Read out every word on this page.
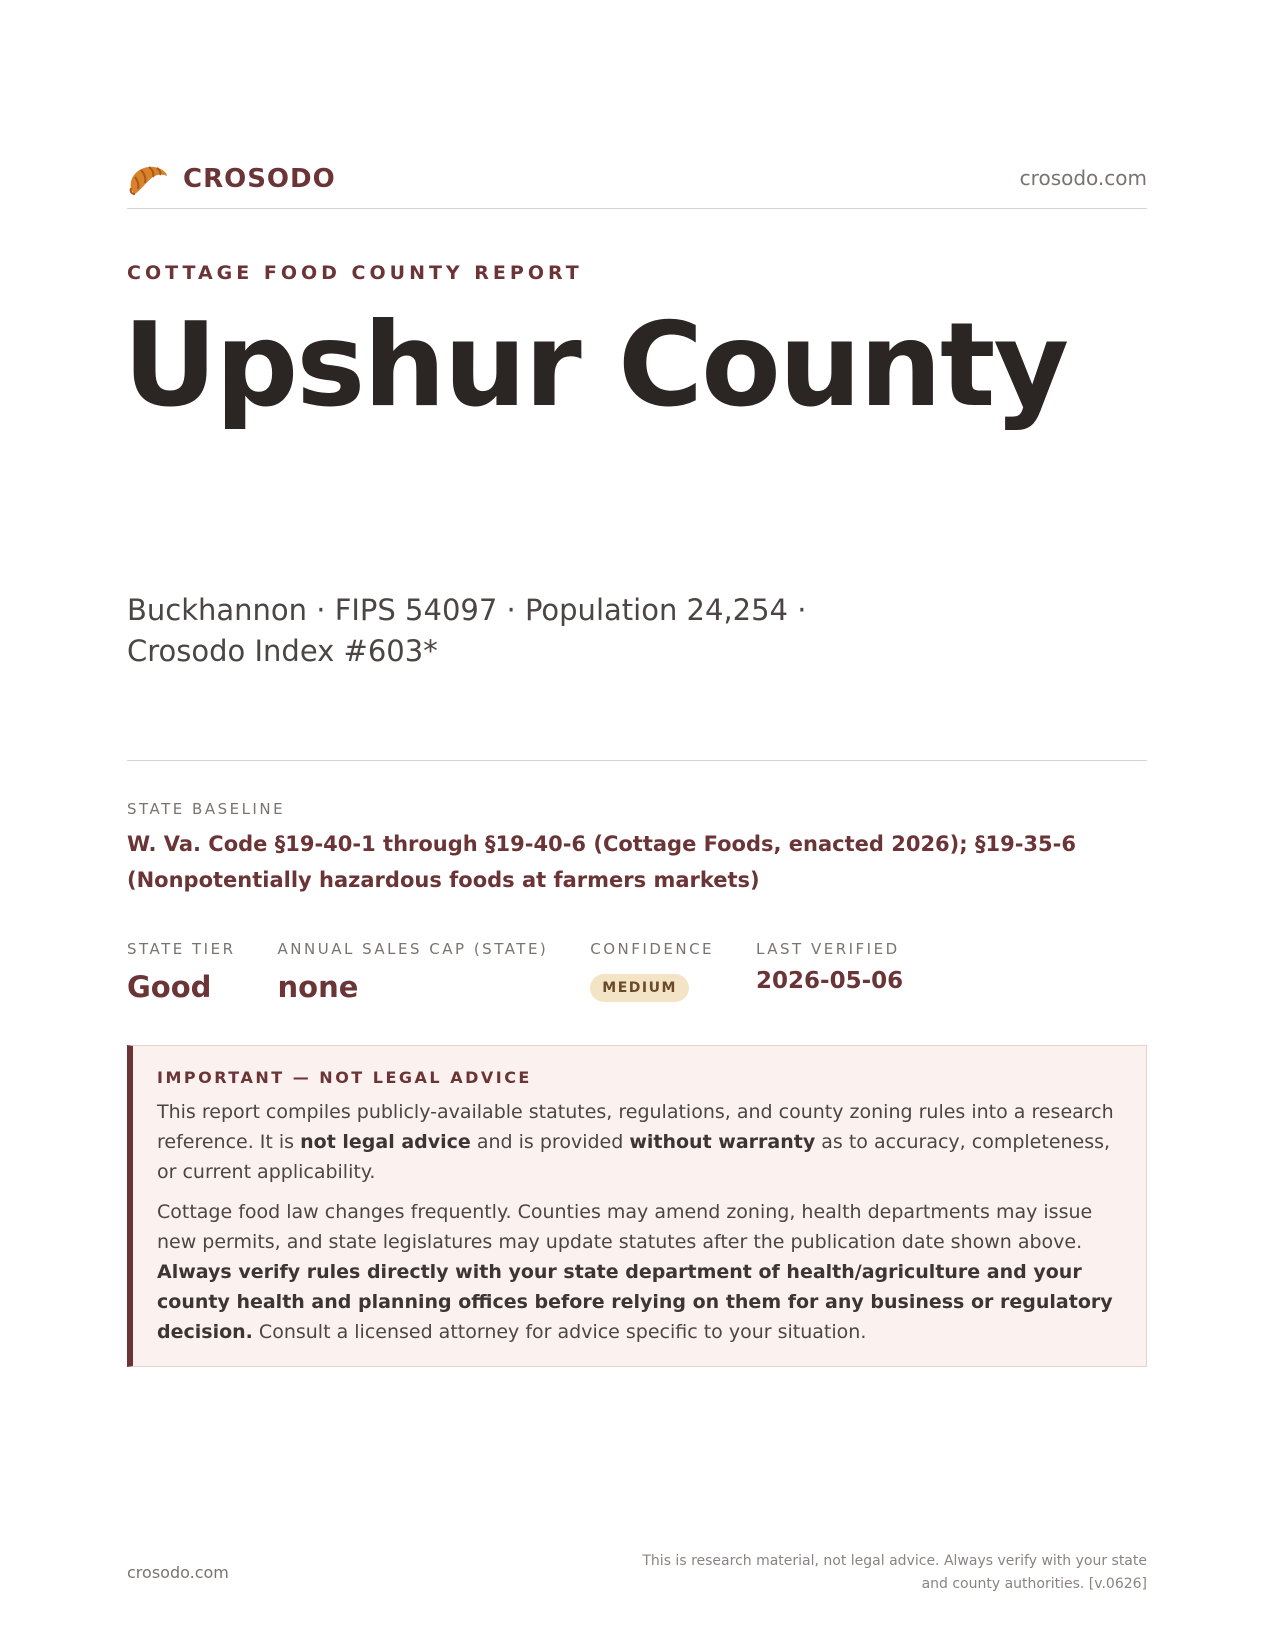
CROSODO	crosodo.com
COTTAGE FOOD COUNTY REPORT
Upshur County
Buckhannon · FIPS 54097 · Population 24,254 · Crosodo Index #603*
STATE BASELINE
W. Va. Code §19-40-1 through §19-40-6 (Cottage Foods, enacted 2026); §19-35-6 (Nonpotentially hazardous foods at farmers markets)
STATE TIER
Good
ANNUAL SALES CAP (STATE)
none
CONFIDENCE
MEDIUM
LAST VERIFIED
2026-05-06
IMPORTANT — NOT LEGAL ADVICE

This report compiles publicly-available statutes, regulations, and county zoning rules into a research reference. It is not legal advice and is provided without warranty as to accuracy, completeness, or current applicability.

Cottage food law changes frequently. Counties may amend zoning, health departments may issue new permits, and state legislatures may update statutes after the publication date shown above. Always verify rules directly with your state department of health/agriculture and your county health and planning offices before relying on them for any business or regulatory decision. Consult a licensed attorney for advice specific to your situation.

crosodo.com
This is research material, not legal advice. Always verify with your state and county authorities. [v.0626]
